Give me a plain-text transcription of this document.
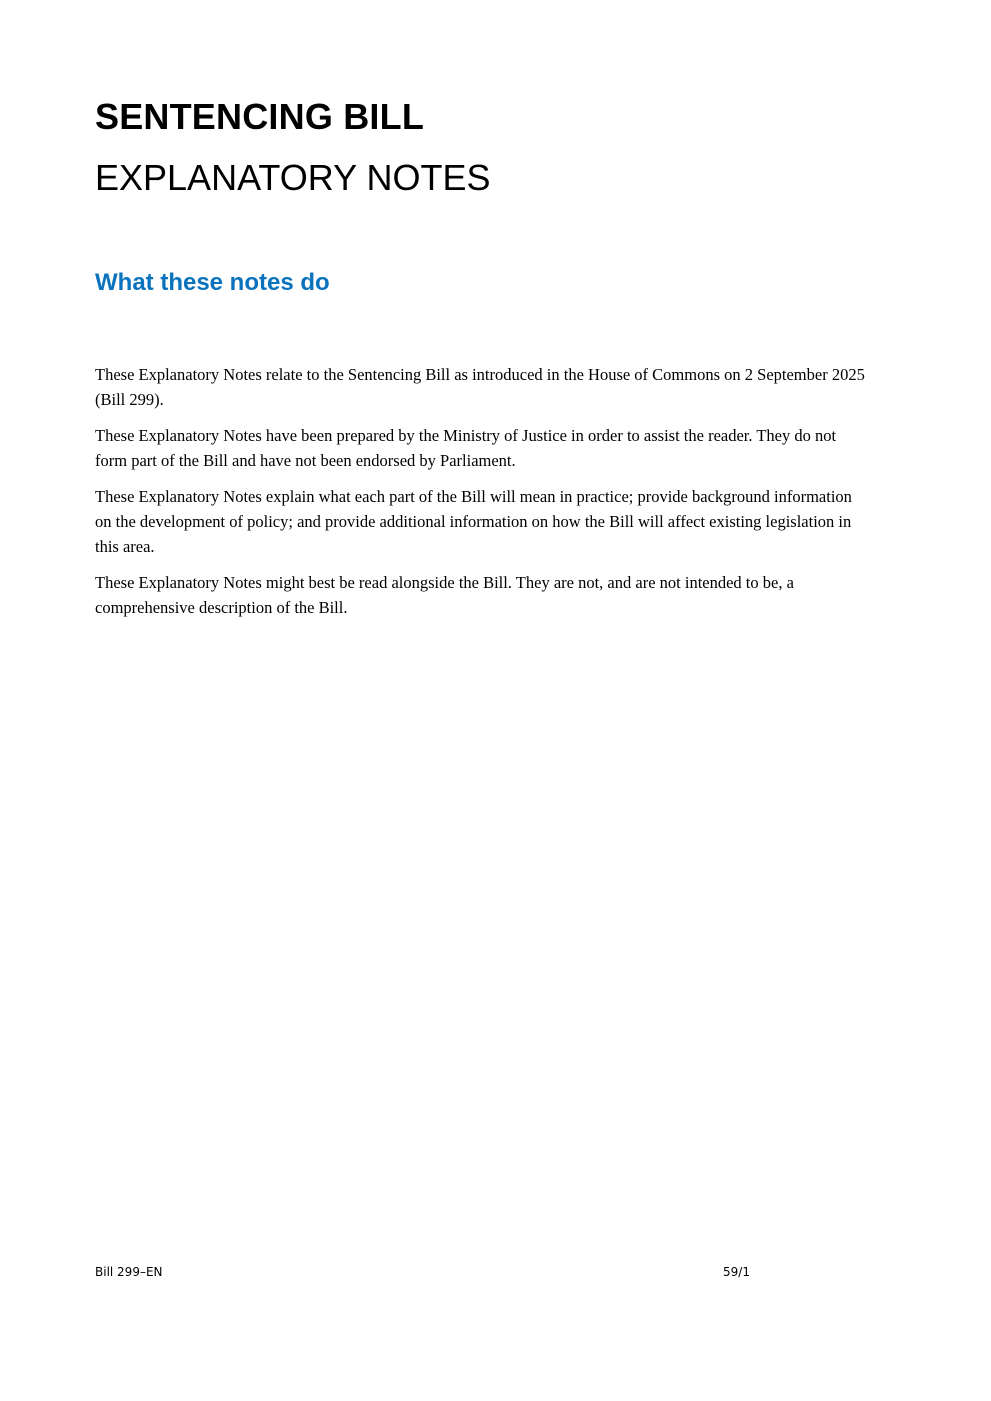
SENTENCING BILL
EXPLANATORY NOTES
What these notes do

These Explanatory Notes relate to the Sentencing Bill as introduced in the House of Commons on 2 September 2025 (Bill 299).

These Explanatory Notes have been prepared by the Ministry of Justice in order to assist the reader. They do not form part of the Bill and have not been endorsed by Parliament.

These Explanatory Notes explain what each part of the Bill will mean in practice; provide background information on the development of policy; and provide additional information on how the Bill will affect existing legislation in this area.

These Explanatory Notes might best be read alongside the Bill. They are not, and are not intended to be, a comprehensive description of the Bill.

Bill 299–EN	59/1
